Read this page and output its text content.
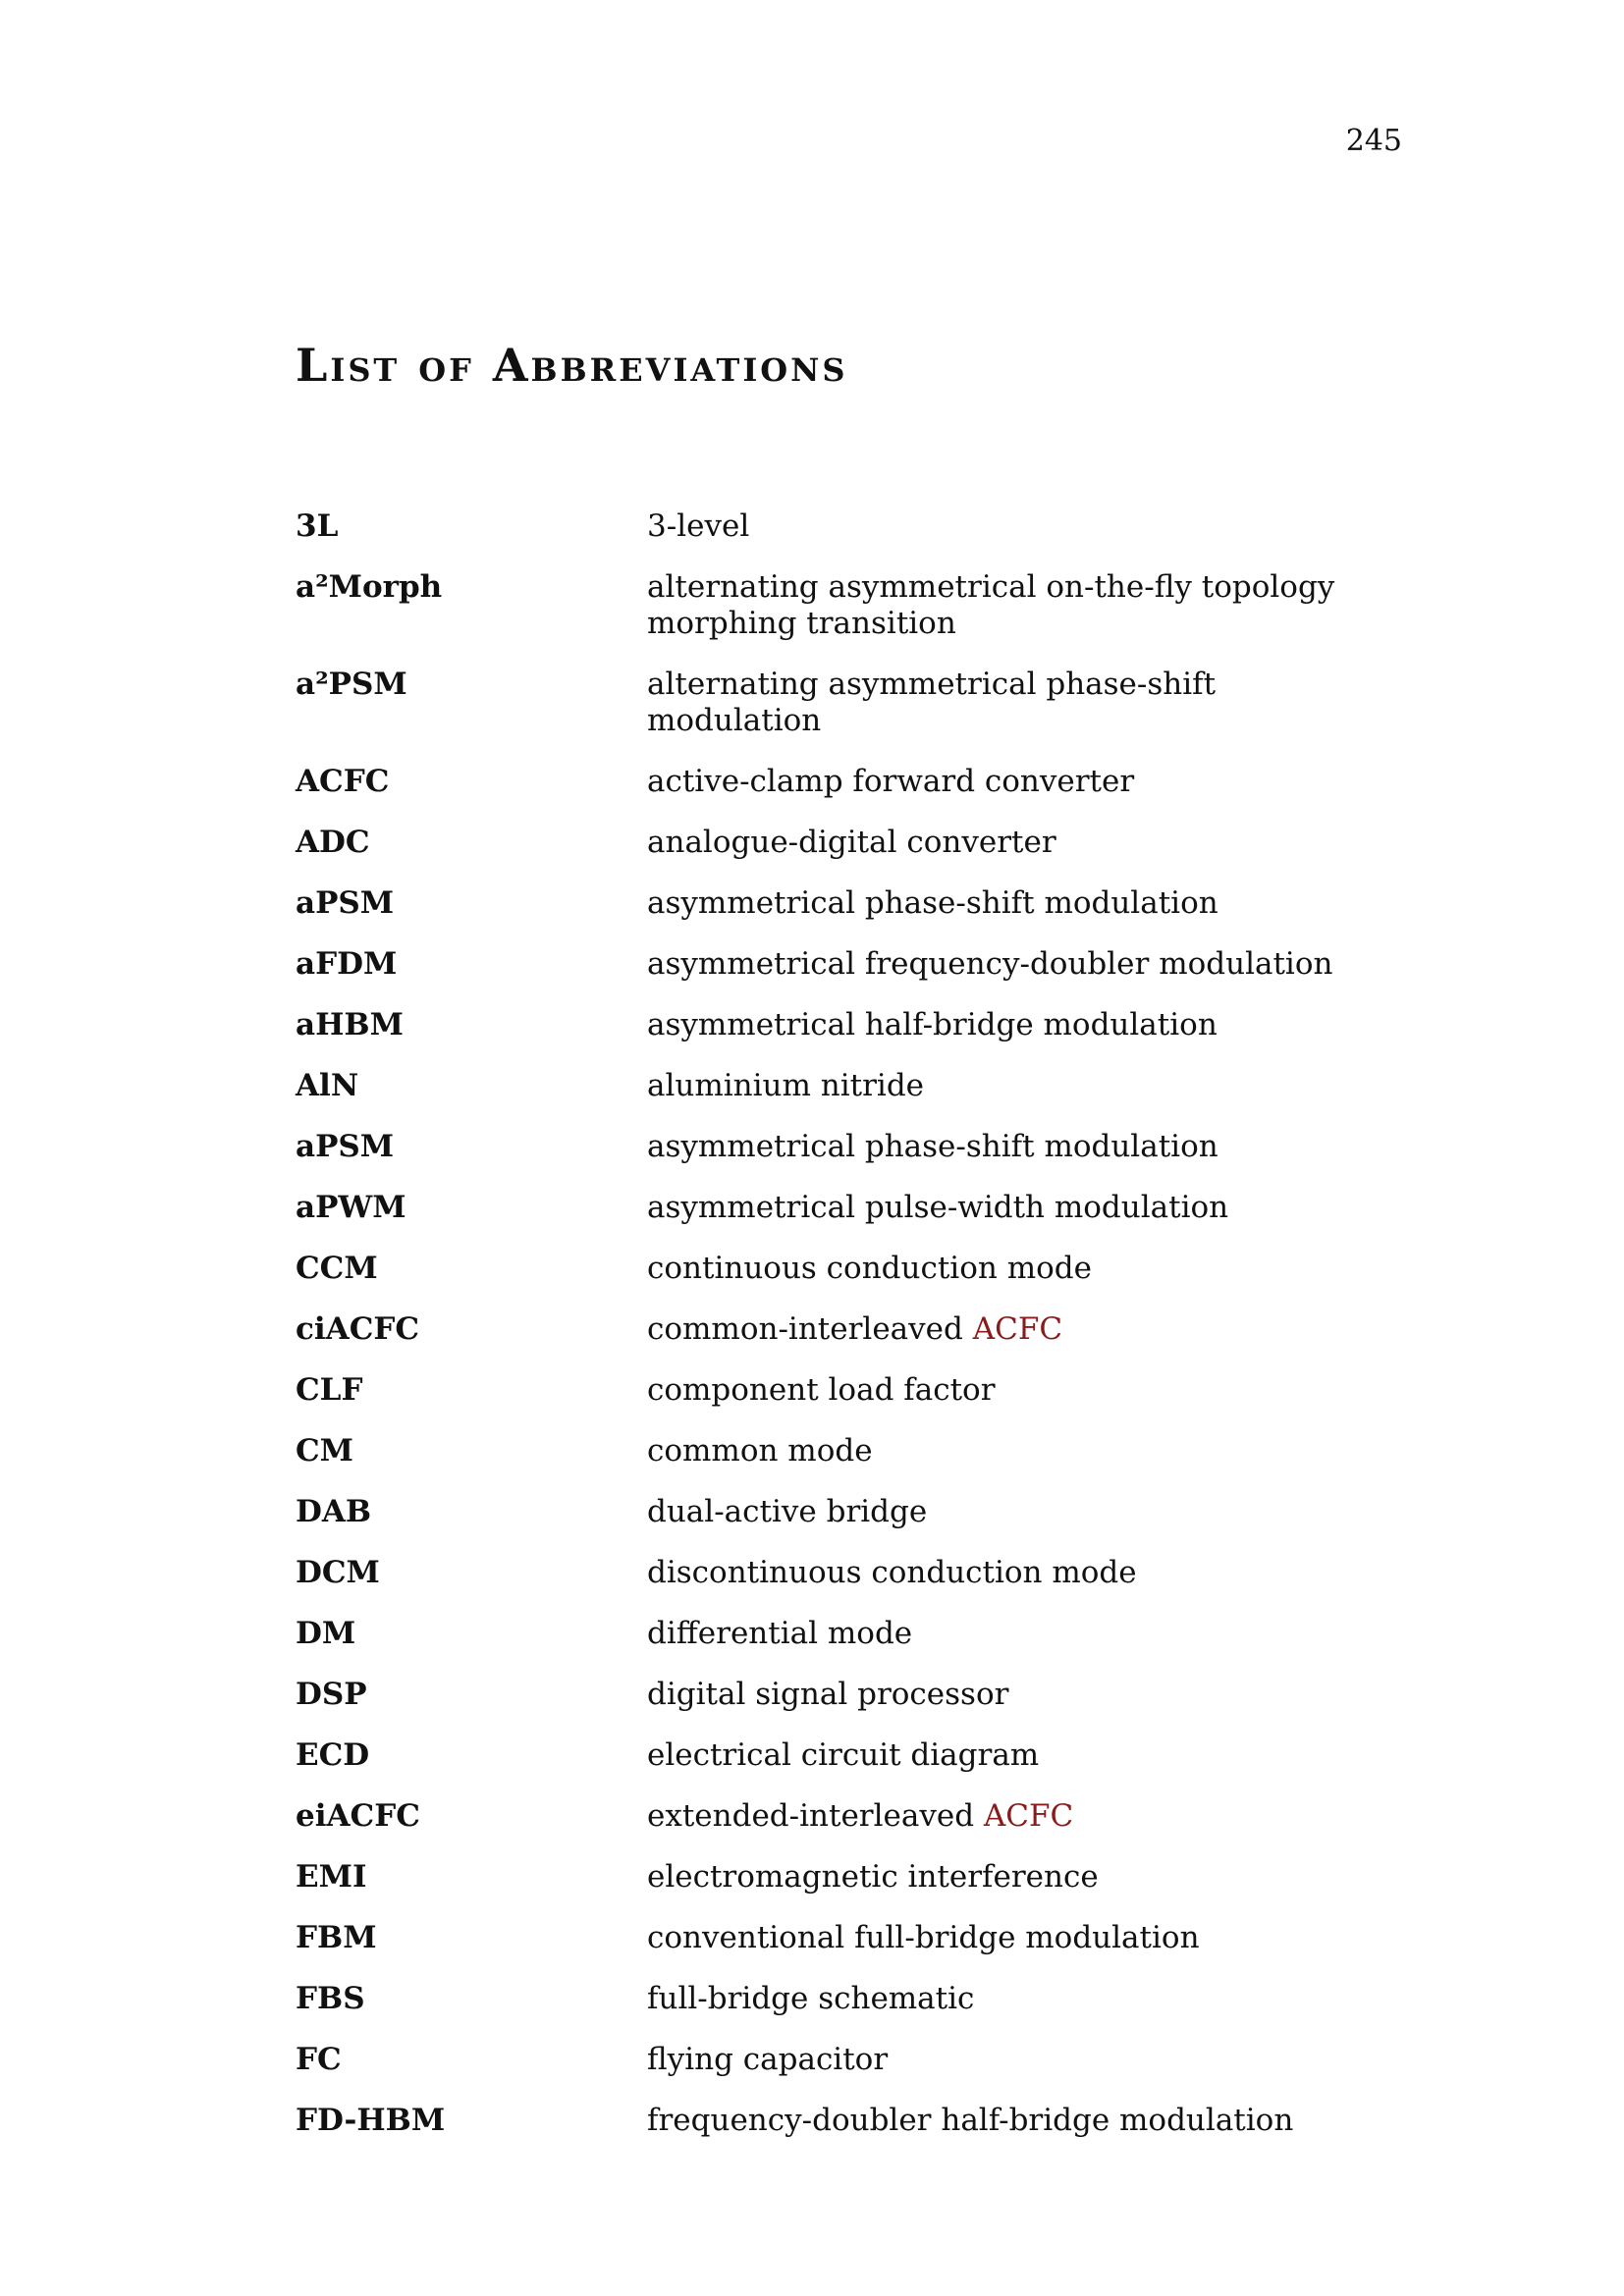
245
List of Abbreviations
3L	3-level
a²Morph	alternating asymmetrical on-the-fly topology morphing transition
a²PSM	alternating asymmetrical phase-shift modulation
ACFC	active-clamp forward converter
ADC	analogue-digital converter
aPSM	asymmetrical phase-shift modulation
aFDM	asymmetrical frequency-doubler modulation
aHBM	asymmetrical half-bridge modulation
AlN	aluminium nitride
aPSM	asymmetrical phase-shift modulation
aPWM	asymmetrical pulse-width modulation
CCM	continuous conduction mode
ciACFC	common-interleaved ACFC
CLF	component load factor
CM	common mode
DAB	dual-active bridge
DCM	discontinuous conduction mode
DM	differential mode
DSP	digital signal processor
ECD	electrical circuit diagram
eiACFC	extended-interleaved ACFC
EMI	electromagnetic interference
FBM	conventional full-bridge modulation
FBS	full-bridge schematic
FC	flying capacitor
FD-HBM	frequency-doubler half-bridge modulation
